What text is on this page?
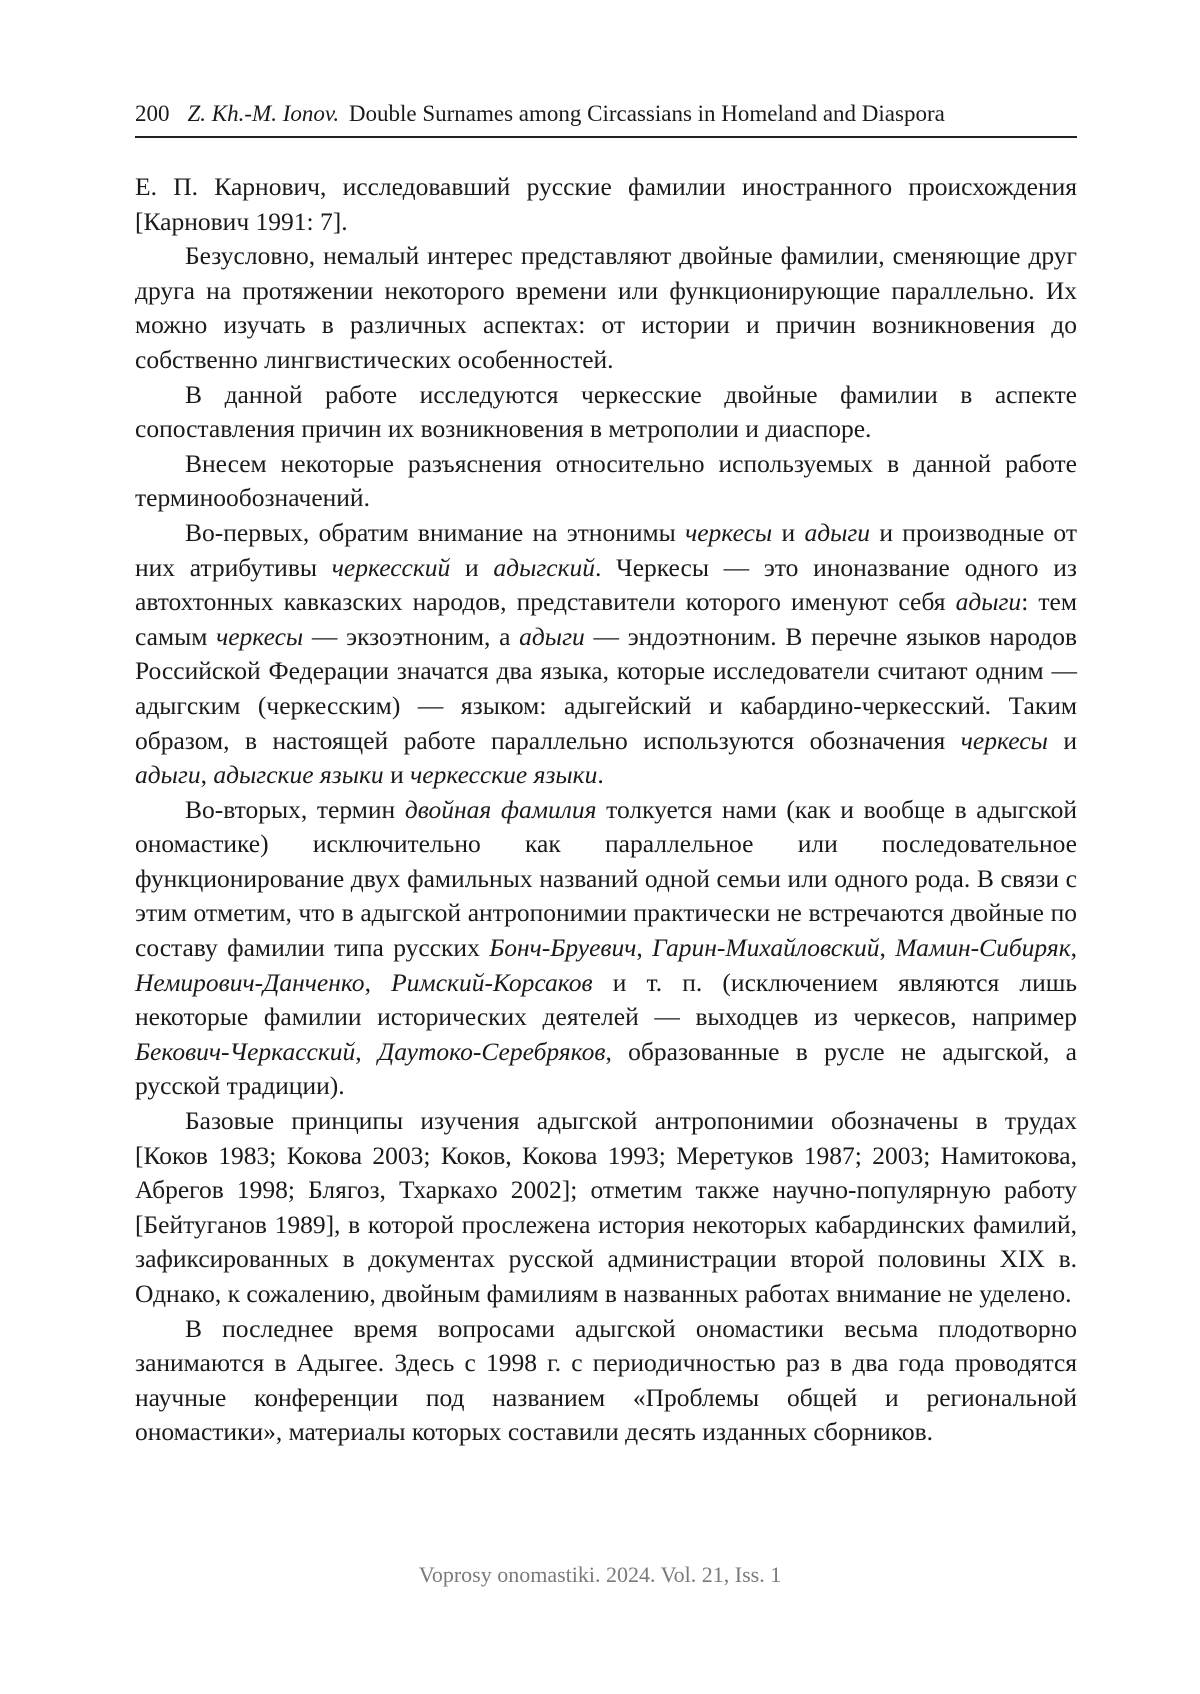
200 Z. Kh.-M. Ionov. Double Surnames among Circassians in Homeland and Diaspora

Е. П. Карнович, исследовавший русские фамилии иностранного происхождения [Карнович 1991: 7].

Безусловно, немалый интерес представляют двойные фамилии, сменяющие друг друга на протяжении некоторого времени или функционирующие параллельно. Их можно изучать в различных аспектах: от истории и причин возникновения до собственно лингвистических особенностей.

В данной работе исследуются черкесские двойные фамилии в аспекте сопоставления причин их возникновения в метрополии и диаспоре.

Внесем некоторые разъяснения относительно используемых в данной работе терминообозначений.

Во-первых, обратим внимание на этнонимы черкесы и адыги и производные от них атрибутивы черкесский и адыгский. Черкесы — это иноназвание одного из автохтонных кавказских народов, представители которого именуют себя адыги: тем самым черкесы — экзоэтноним, а адыги — эндоэтноним. В перечне языков народов Российской Федерации значатся два языка, которые исследователи считают одним — адыгским (черкесским) — языком: адыгейский и кабардино-черкесский. Таким образом, в настоящей работе параллельно используются обозначения черкесы и адыги, адыгские языки и черкесские языки.

Во-вторых, термин двойная фамилия толкуется нами (как и вообще в адыгской ономастике) исключительно как параллельное или последовательное функционирование двух фамильных названий одной семьи или одного рода. В связи с этим отметим, что в адыгской антропонимии практически не встречаются двойные по составу фамилии типа русских Бонч-Бруевич, Гарин-Михайловский, Мамин-Сибиряк, Немирович-Данченко, Римский-Корсаков и т. п. (исключением являются лишь некоторые фамилии исторических деятелей — выходцев из черкесов, например Бекович-Черкасский, Даутоко-Серебряков, образованные в русле не адыгской, а русской традиции).

Базовые принципы изучения адыгской антропонимии обозначены в трудах [Коков 1983; Кокова 2003; Коков, Кокова 1993; Меретуков 1987; 2003; Намитокова, Абрегов 1998; Блягоз, Тхаркахо 2002]; отметим также научно-популярную работу [Бейтуганов 1989], в которой прослежена история некоторых кабардинских фамилий, зафиксированных в документах русской администрации второй половины XIX в. Однако, к сожалению, двойным фамилиям в названных работах внимание не уделено.

В последнее время вопросами адыгской ономастики весьма плодотворно занимаются в Адыгее. Здесь с 1998 г. с периодичностью раз в два года проводятся научные конференции под названием «Проблемы общей и региональной ономастики», материалы которых составили десять изданных сборников.

Voprosy onomastiki. 2024. Vol. 21, Iss. 1
